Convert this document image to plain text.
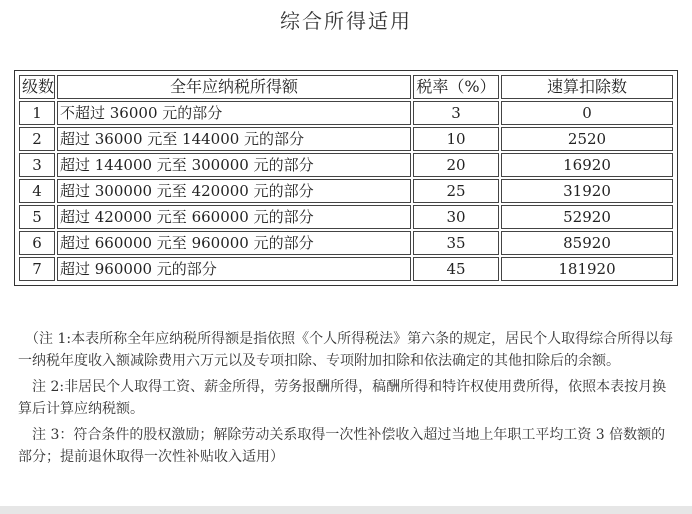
综合所得适用
级数	全年应纳税所得额	税率（%）	速算扣除数
1	不超过 36000 元的部分	3	0
2	超过 36000 元至 144000 元的部分	10	2520
3	超过 144000 元至 300000 元的部分	20	16920
4	超过 300000 元至 420000 元的部分	25	31920
5	超过 420000 元至 660000 元的部分	30	52920
6	超过 660000 元至 960000 元的部分	35	85920
7	超过 960000 元的部分	45	181920

（注 1:本表所称全年应纳税所得额是指依照《个人所得税法》第六条的规定，居民个人取得综合所得以每一纳税年度收入额减除费用六万元以及专项扣除、专项附加扣除和依法确定的其他扣除后的余额。

注 2:非居民个人取得工资、薪金所得，劳务报酬所得，稿酬所得和特许权使用费所得，依照本表按月换算后计算应纳税额。

注 3：符合条件的股权激励；解除劳动关系取得一次性补偿收入超过当地上年职工平均工资 3 倍数额的部分；提前退休取得一次性补贴收入适用）
